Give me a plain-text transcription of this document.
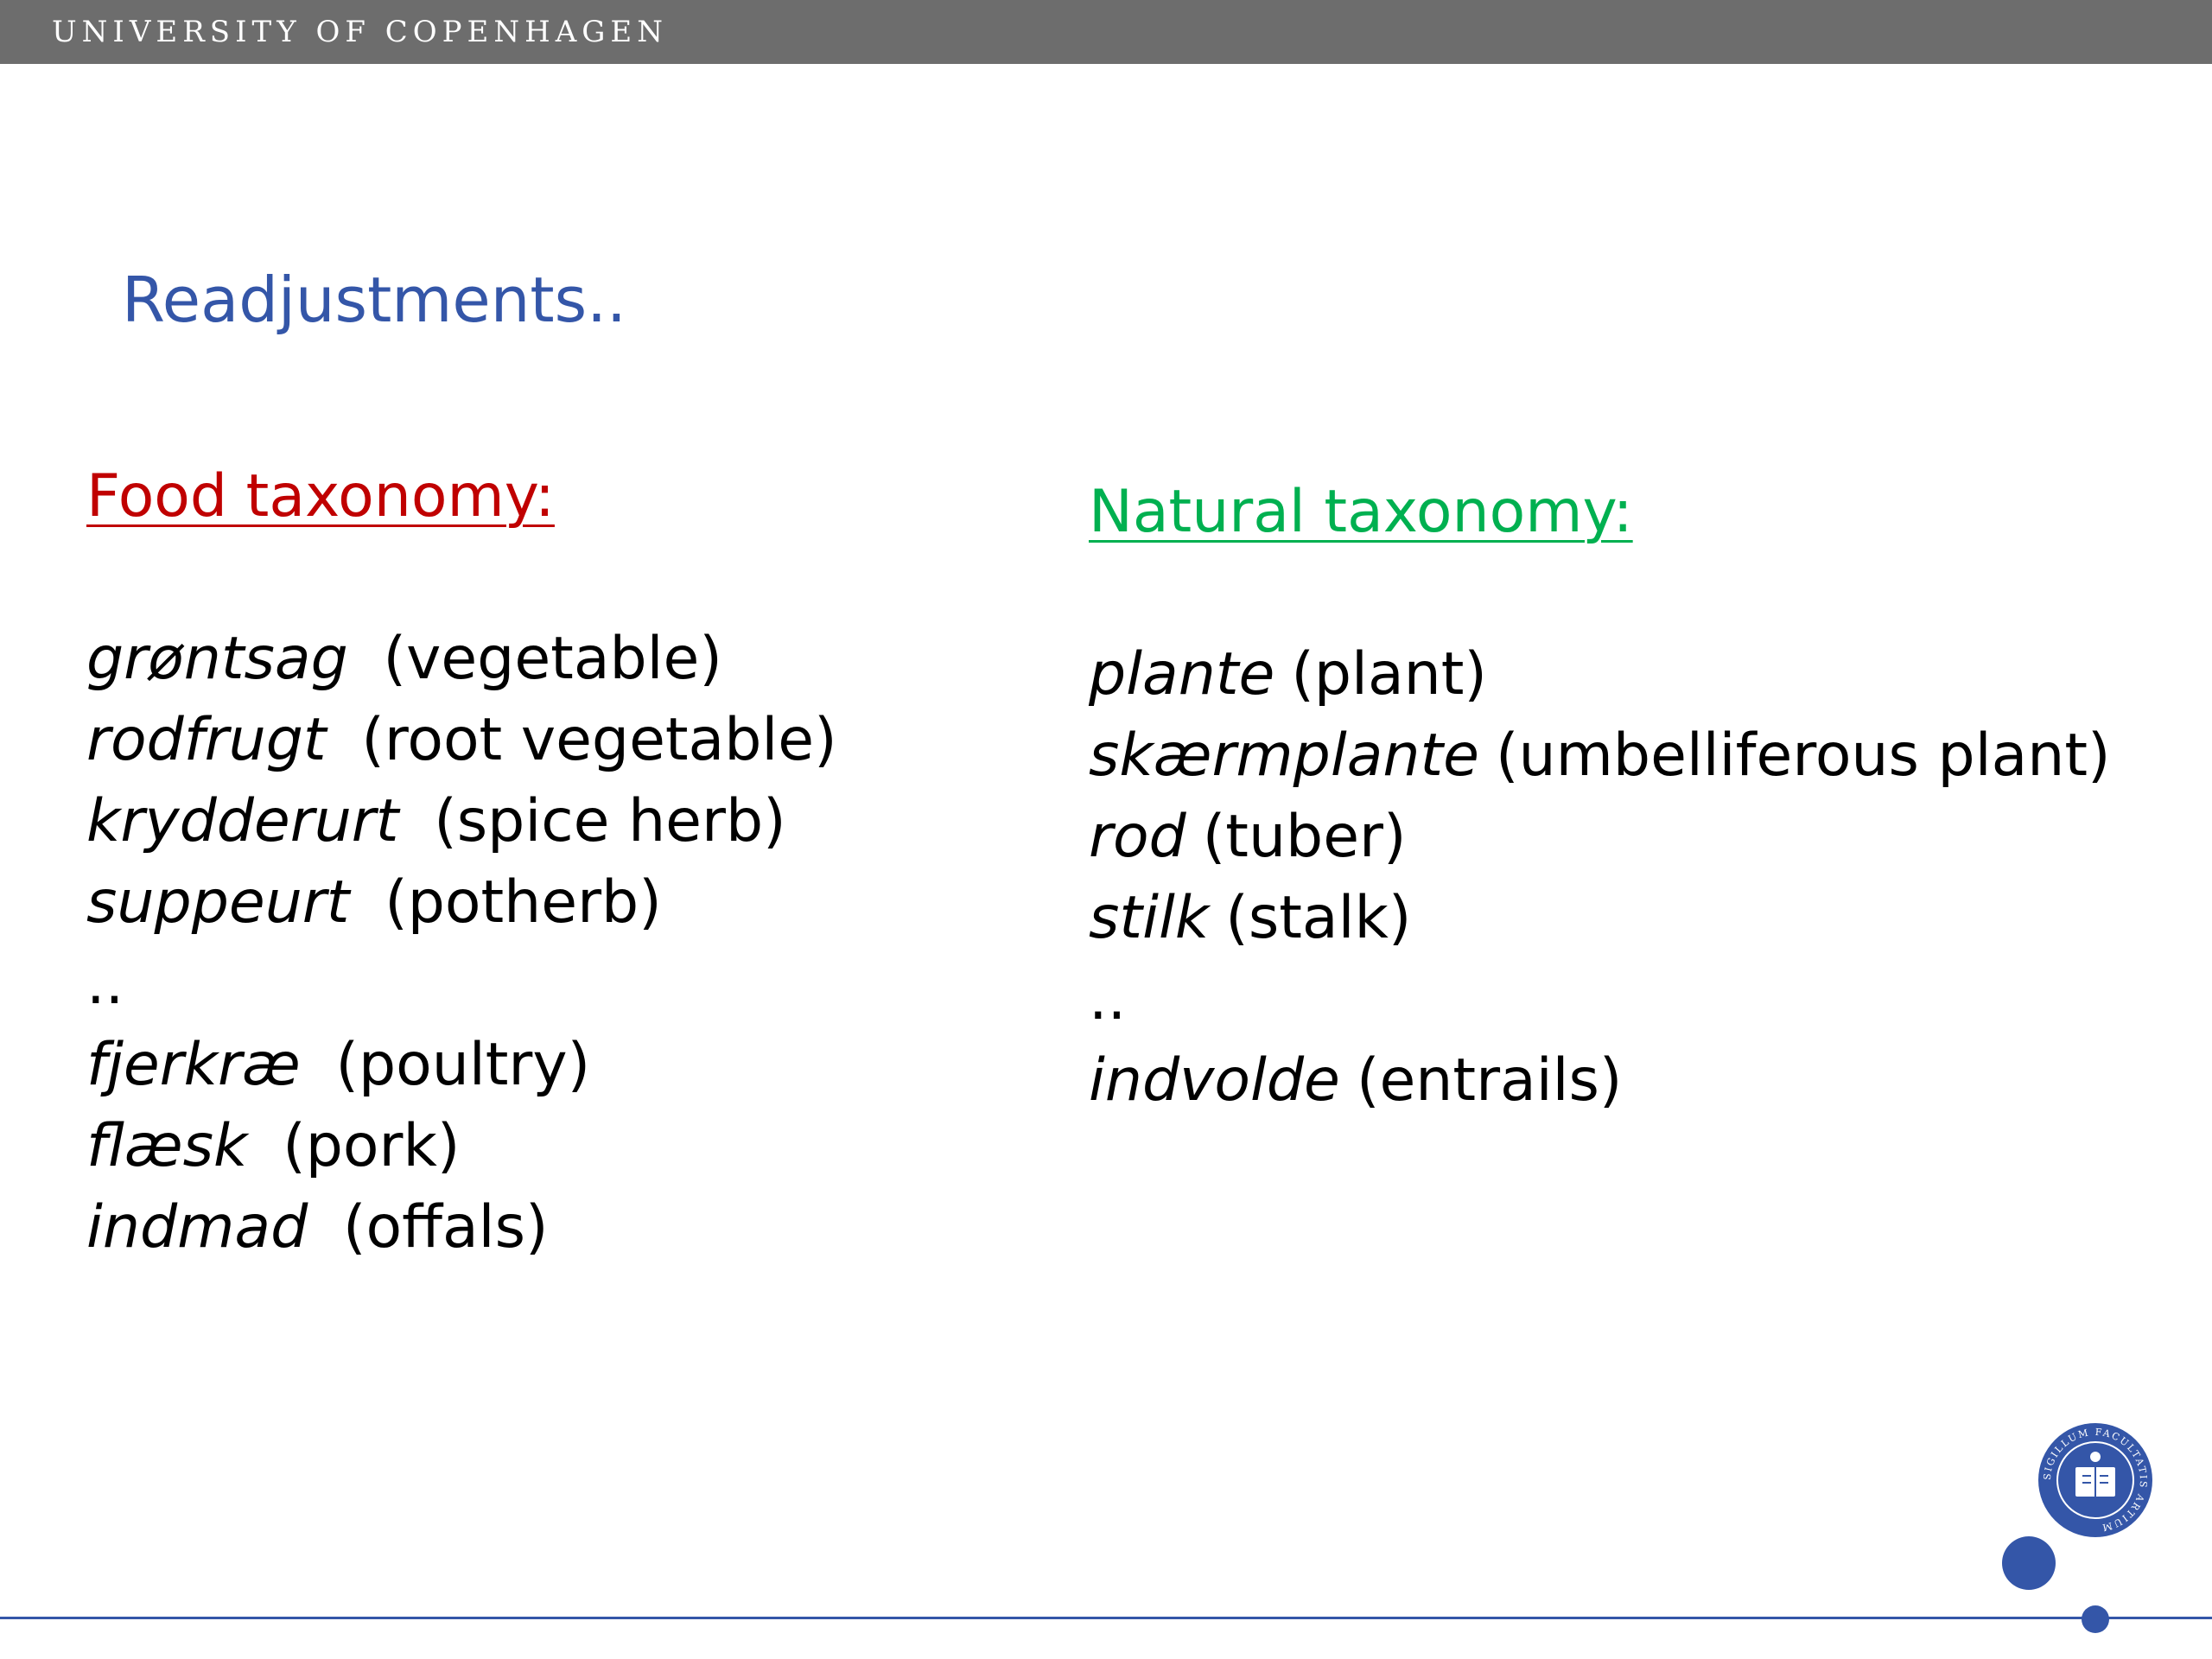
UNIVERSITY OF COPENHAGEN
Readjustments..
Food taxonomy:
grøntsag (vegetable)
rodfrugt (root vegetable)
krydderurt (spice herb)
suppeurt (potherb)
..
fjerkræ (poultry)
flæsk (pork)
indmad (offals)
Natural taxonomy:
plante (plant)
skærmplante (umbelliferous plant)
rod (tuber)
stilk (stalk)
..
indvolde (entrails)
SIGILLUM FACULTATIS ARTIUM
